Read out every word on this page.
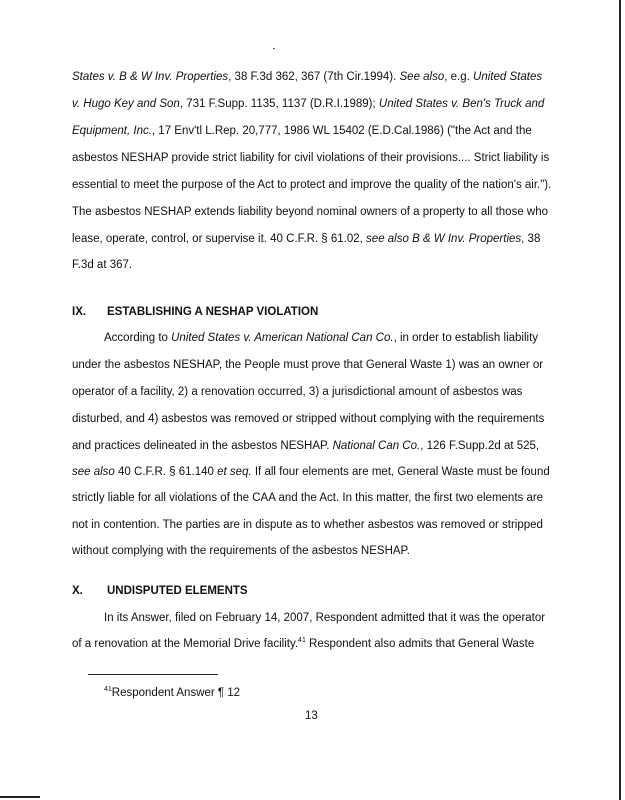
States v. B & W Inv. Properties, 38 F.3d 362, 367 (7th Cir.1994). See also, e.g. United States
v. Hugo Key and Son, 731 F.Supp. 1135, 1137 (D.R.I.1989); United States v. Ben's Truck and
Equipment, Inc., 17 Env'tl L.Rep. 20,777, 1986 WL 15402 (E.D.Cal.1986) ("the Act and the
asbestos NESHAP provide strict liability for civil violations of their provisions.... Strict liability is
essential to meet the purpose of the Act to protect and improve the quality of the nation's air.").
The asbestos NESHAP extends liability beyond nominal owners of a property to all those who
lease, operate, control, or supervise it. 40 C.F.R. § 61.02, see also B & W Inv. Properties, 38
F.3d at 367.
IX. ESTABLISHING A NESHAP VIOLATION
According to United States v. American National Can Co., in order to establish liability
under the asbestos NESHAP, the People must prove that General Waste 1) was an owner or
operator of a facility, 2) a renovation occurred, 3) a jurisdictional amount of asbestos was
disturbed, and 4) asbestos was removed or stripped without complying with the requirements
and practices delineated in the asbestos NESHAP. National Can Co., 126 F.Supp.2d at 525,
see also 40 C.F.R. § 61.140 et seq. If all four elements are met, General Waste must be found
strictly liable for all violations of the CAA and the Act. In this matter, the first two elements are
not in contention. The parties are in dispute as to whether asbestos was removed or stripped
without complying with the requirements of the asbestos NESHAP.
X. UNDISPUTED ELEMENTS
In its Answer, filed on February 14, 2007, Respondent admitted that it was the operator
of a renovation at the Memorial Drive facility.$^{41}$ Respondent also admits that General Waste
$^{41}$Respondent Answer ¶ 12
13
